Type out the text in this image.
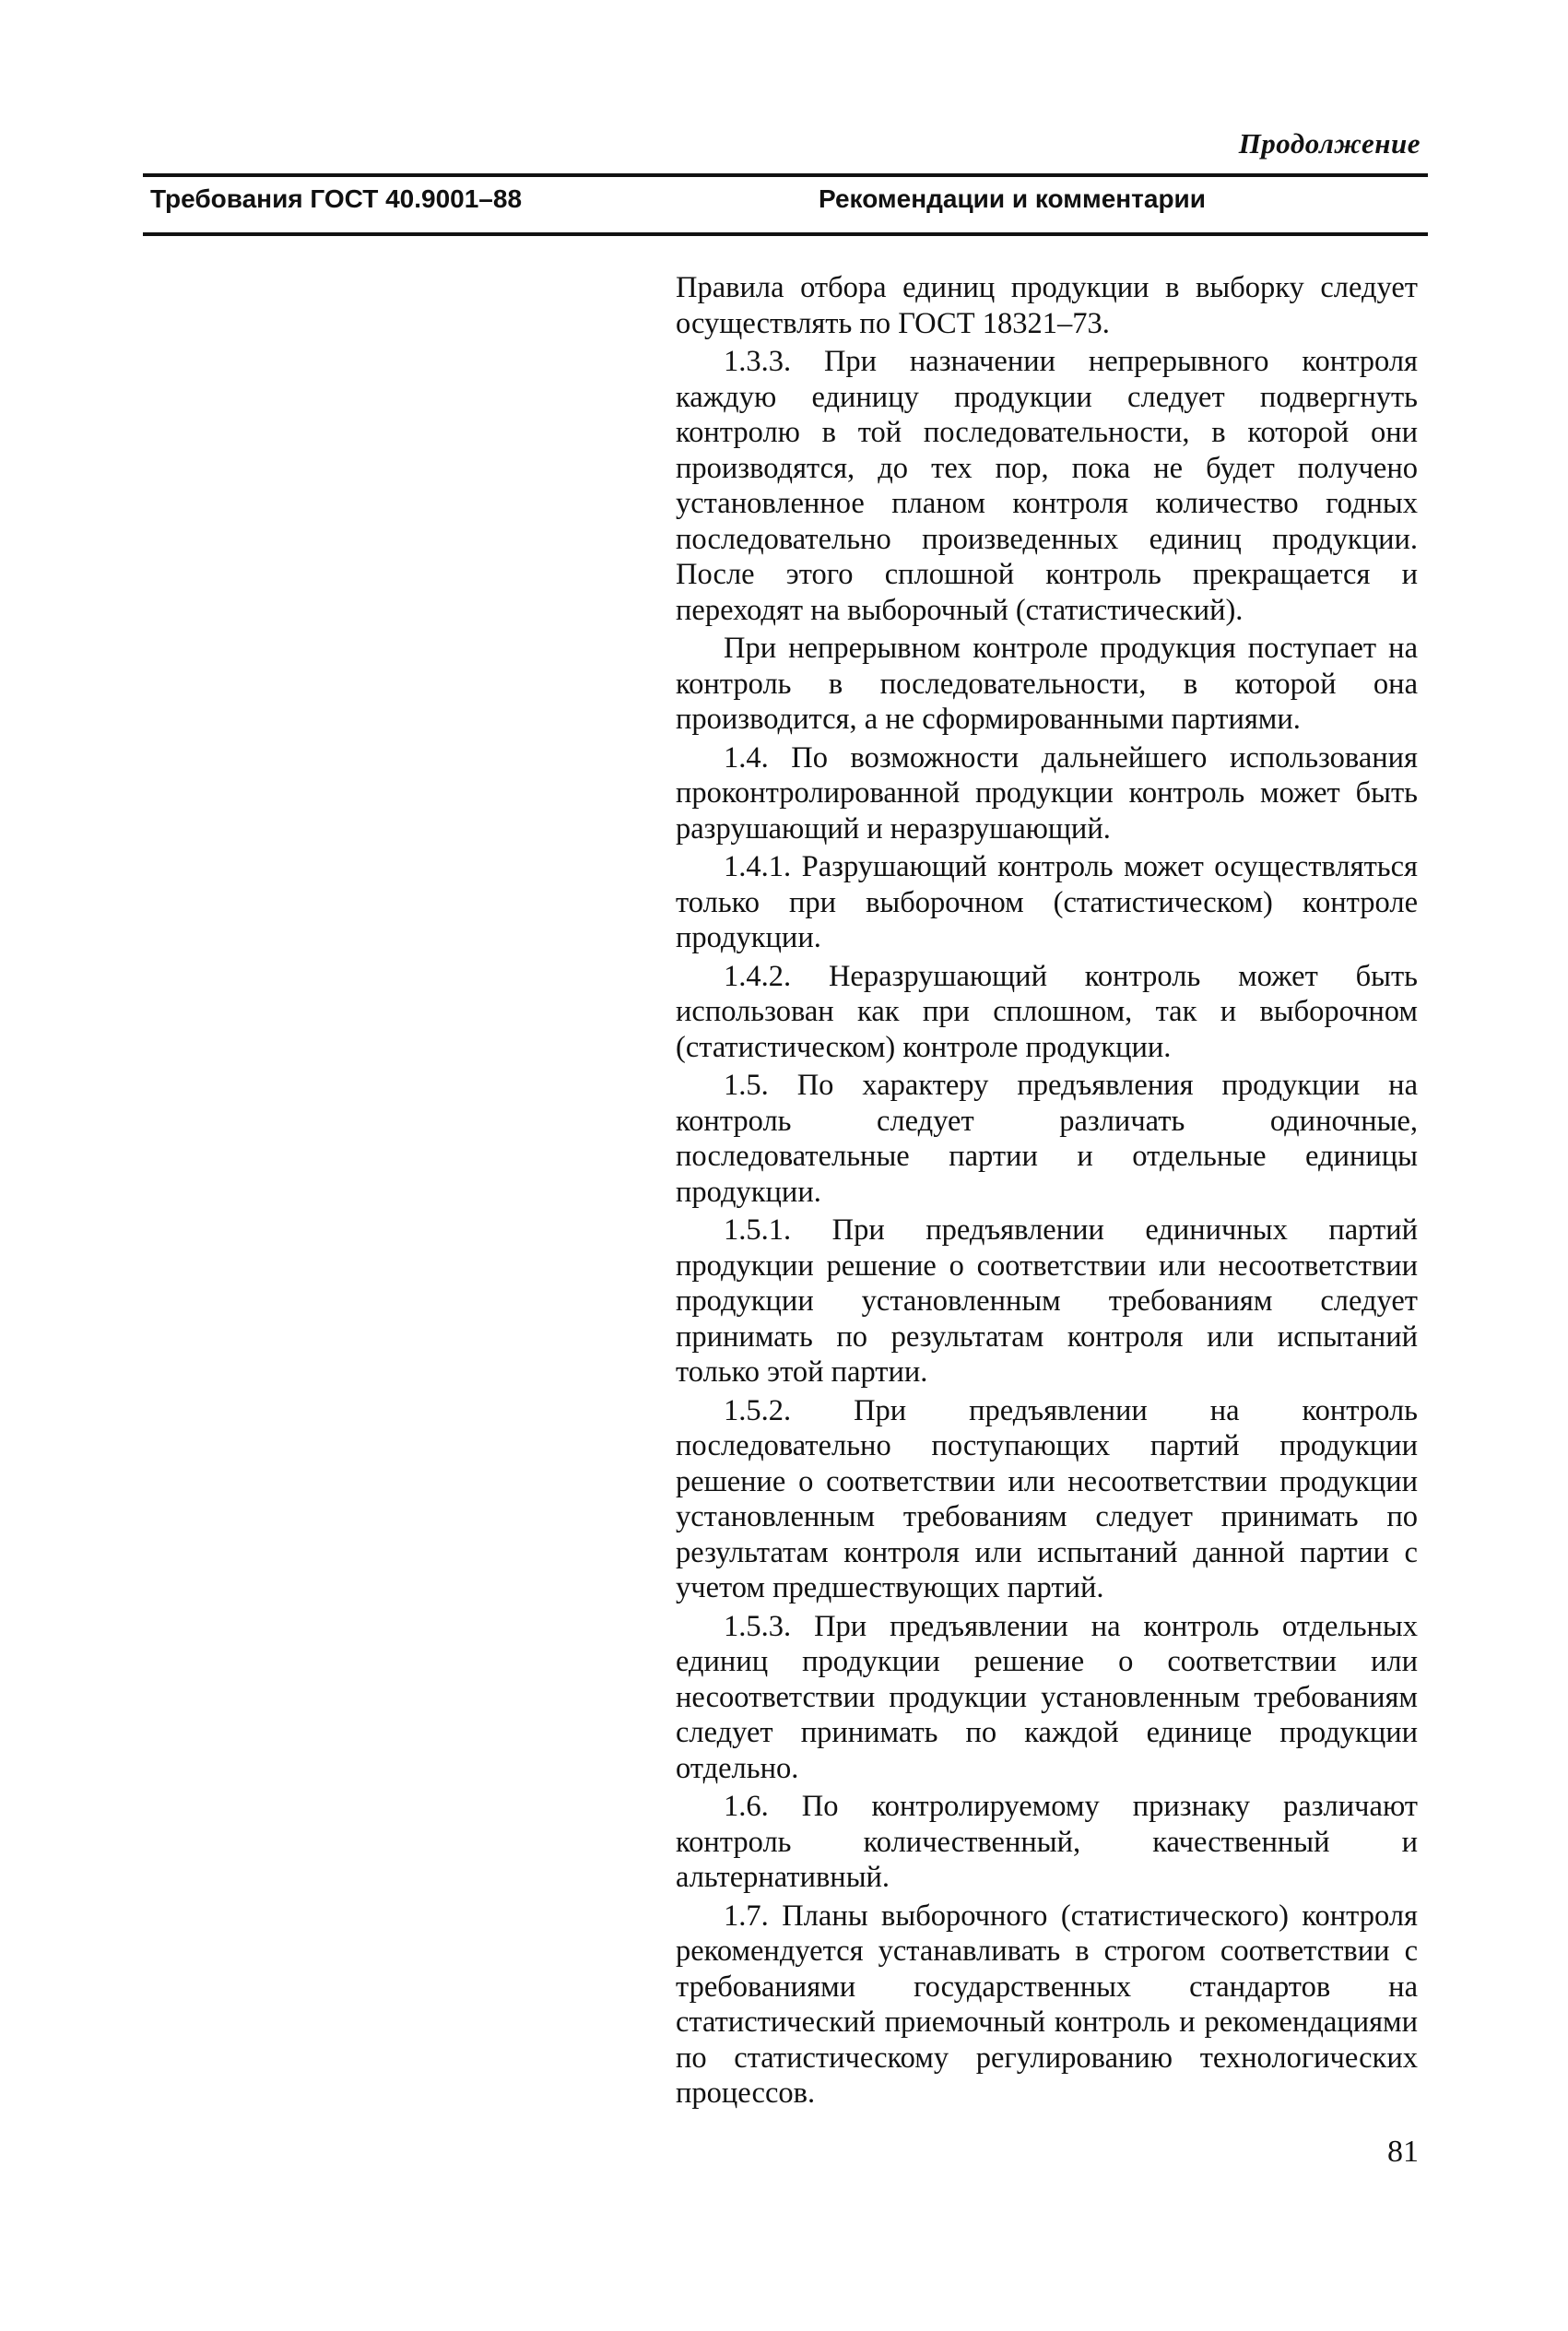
Продолжение
Требования ГОСТ 40.9001–88	Рекомендации и комментарии

Правила отбора единиц продукции в выборку следует осуществлять по ГОСТ 18321–73.

1.3.3. При назначении непрерывного контроля каждую единицу продукции следует подвергнуть контролю в той последовательности, в которой они производятся, до тех пор, пока не будет получено установленное планом контроля количество годных последовательно произведенных единиц продукции. После этого сплошной контроль прекращается и переходят на выборочный (статистический).

При непрерывном контроле продукция поступает на контроль в последовательности, в которой она производится, а не сформированными партиями.

1.4. По возможности дальнейшего использования проконтролированной продукции контроль может быть разрушающий и неразрушающий.

1.4.1. Разрушающий контроль может осуществляться только при выборочном (статистическом) контроле продукции.

1.4.2. Неразрушающий контроль может быть использован как при сплошном, так и выборочном (статистическом) контроле продукции.

1.5. По характеру предъявления продукции на контроль следует различать одиночные, последовательные партии и отдельные единицы продукции.

1.5.1. При предъявлении единичных партий продукции решение о соответствии или несоответствии продукции установленным требованиям следует принимать по результатам контроля или испытаний только этой партии.

1.5.2. При предъявлении на контроль последовательно поступающих партий продукции решение о соответствии или несоответствии продукции установленным требованиям следует принимать по результатам контроля или испытаний данной партии с учетом предшествующих партий.

1.5.3. При предъявлении на контроль отдельных единиц продукции решение о соответствии или несоответствии продукции установленным требованиям следует принимать по каждой единице продукции отдельно.

1.6. По контролируемому признаку различают контроль количественный, качественный и альтернативный.

1.7. Планы выборочного (статистического) контроля рекомендуется устанавливать в строгом соответствии с требованиями государственных стандартов на статистический приемочный контроль и рекомендациями по статистическому регулированию технологических процессов.

81
